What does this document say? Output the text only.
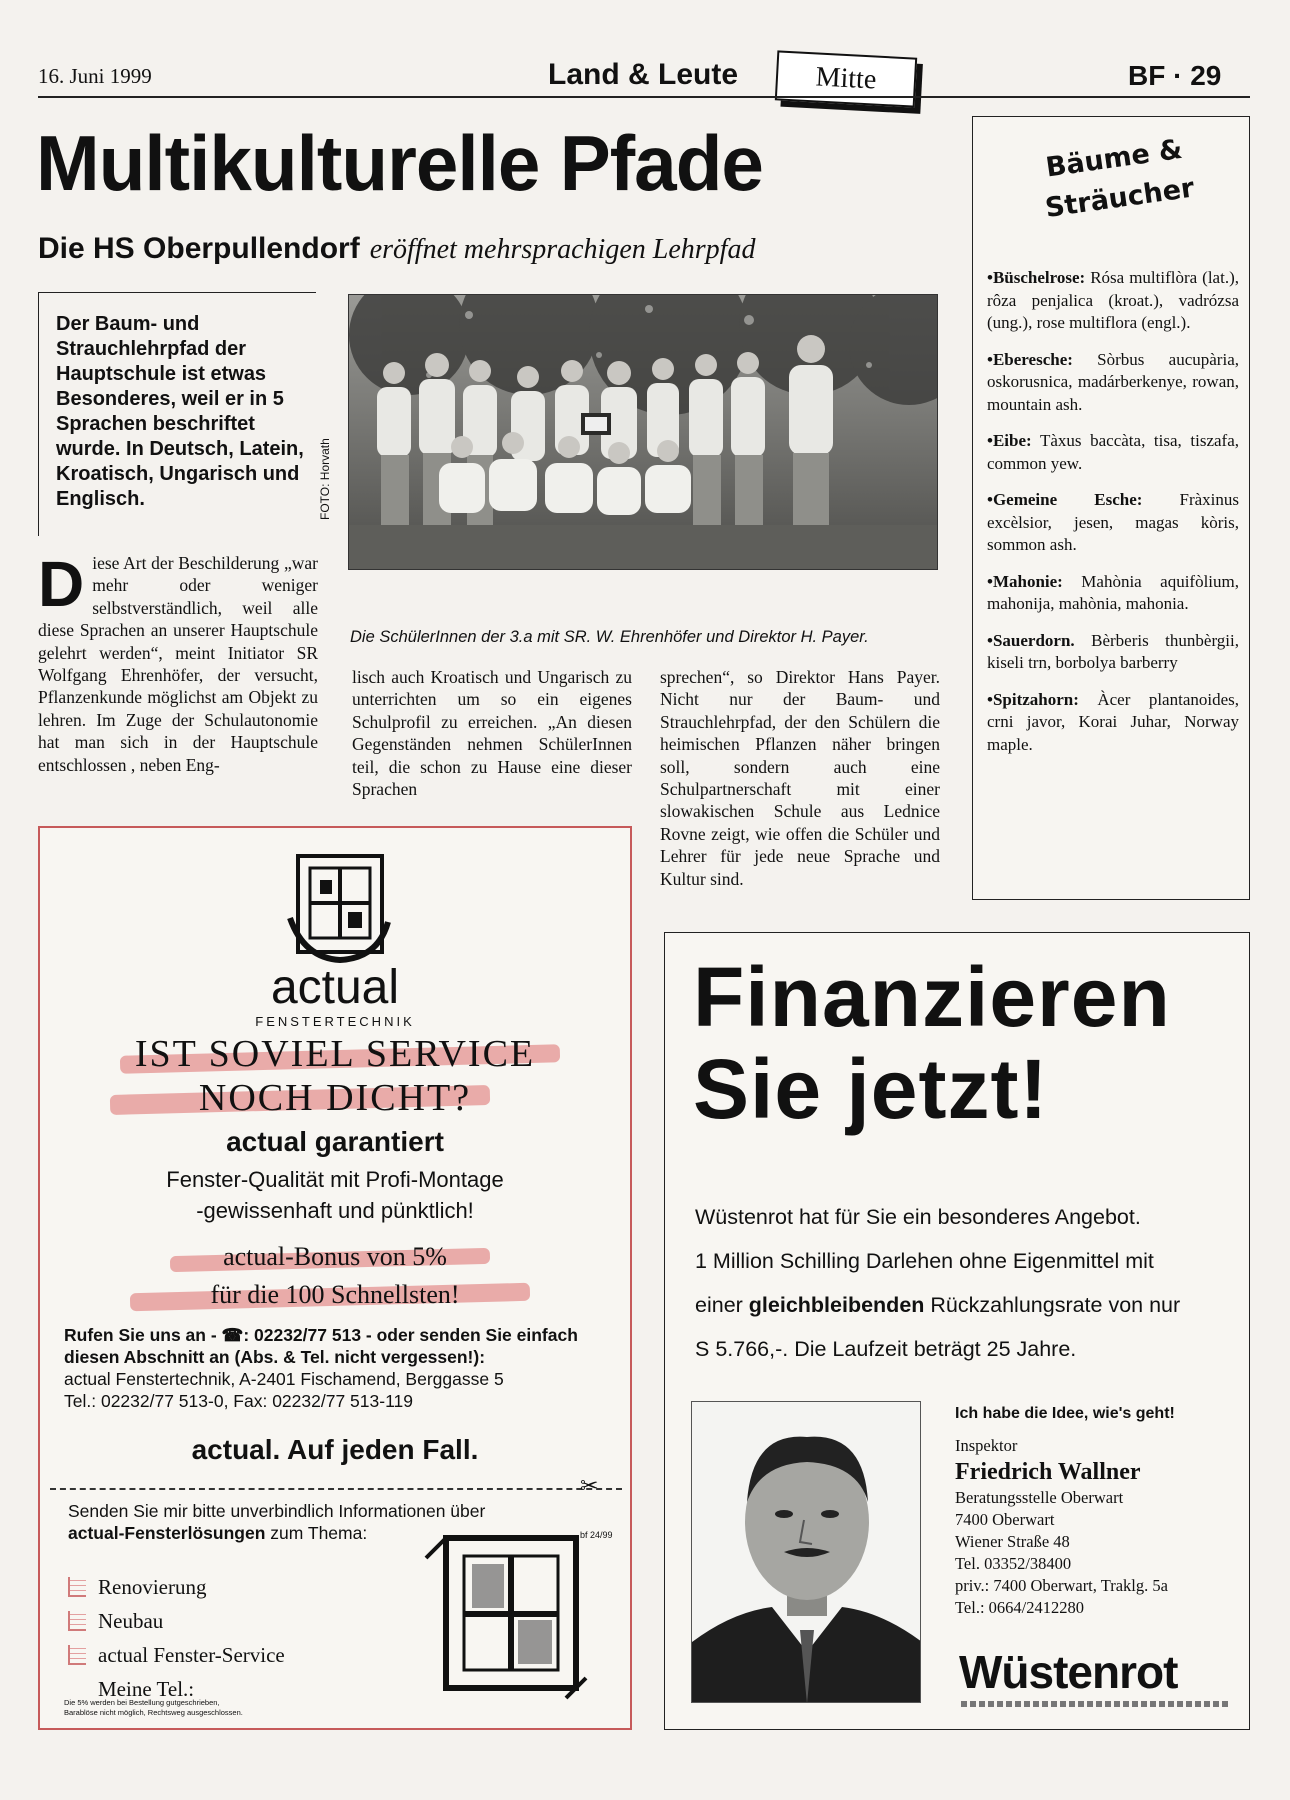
16. Juni 1999	Land & Leute	Mitte	BF · 29
Multikulturelle Pfade
Die HS Oberpullendorf eröffnet mehrsprachigen Lehrpfad

Der Baum- und Strauchlehrpfad der Hauptschule ist etwas Besonderes, weil er in 5 Sprachen beschriftet wurde. In Deutsch, Latein, Kroatisch, Ungarisch und Englisch.	FOTO: Horvath
Die SchülerInnen der 3.a mit SR. W. Ehrenhöfer und Direktor H. Payer.
Diese Art der Beschilderung „war mehr oder weniger selbstverständlich, weil alle diese Sprachen an unserer Hauptschule gelehrt werden“, meint Initiator SR Wolfgang Ehrenhöfer, der versucht, Pflanzenkunde möglichst am Objekt zu lehren. Im Zuge der Schulautonomie hat man sich in der Hauptschule entschlossen , neben Eng-
lisch auch Kroatisch und Ungarisch zu unterrichten um so ein eigenes Schulprofil zu erreichen. „An diesen Gegenständen nehmen SchülerInnen teil, die schon zu Hause eine dieser Sprachen
sprechen“, so Direktor Hans Payer. Nicht nur der Baum- und Strauchlehrpfad, der den Schülern die heimischen Pflanzen näher bringen soll, sondern auch eine Schulpartnerschaft mit einer slowakischen Schule aus Lednice Rovne zeigt, wie offen die Schüler und Lehrer für jede neue Sprache und Kultur sind.
Bäume &
Sträucher

•Büschelrose: Rósa multiflòra (lat.), rôza penjalica (kroat.), vadrózsa (ung.), rose multiflora (engl.).

•Eberesche: Sòrbus aucupària, oskorusnica, madárberkenye, rowan, mountain ash.

•Eibe: Tàxus baccàta, tisa, tiszafa, common yew.

•Gemeine Esche: Fràxinus excèlsior, jesen, magas kòris, sommon ash.

•Mahonie: Mahònia aquifòlium, mahonija, mahònia, mahonia.

•Sauerdorn. Bèrberis thunbèrgii, kiseli trn, borbolya barberry

•Spitzahorn: Àcer plantanoides, crni javor, Korai Juhar, Norway maple.

actual
FENSTERTECHNIK
IST SOVIEL SERVICE
NOCH DICHT?
actual garantiert
Fenster-Qualität mit Profi-Montage
-gewissenhaft und pünktlich!
actual-Bonus von 5%
für die 100 Schnellsten!
Rufen Sie uns an - ☎: 02232/77 513 - oder senden Sie einfach diesen Abschnitt an (Abs. & Tel. nicht vergessen!):
actual Fenstertechnik, A-2401 Fischamend, Berggasse 5
Tel.: 02232/77 513-0, Fax: 02232/77 513-119
actual. Auf jeden Fall.
✂
Senden Sie mir bitte unverbindlich Informationen über
actual-Fensterlösungen zum Thema:	bf 24/99
Renovierung
Neubau
actual Fenster-Service
Meine Tel.:
Die 5% werden bei Bestellung gutgeschrieben,
Barablöse nicht möglich, Rechtsweg ausgeschlossen.
Finanzieren
Sie jetzt!
Wüstenrot hat für Sie ein besonderes Angebot.
1 Million Schilling Darlehen ohne Eigenmittel mit
einer gleichbleibenden Rückzahlungsrate von nur
S 5.766,-. Die Laufzeit beträgt 25 Jahre.
Ich habe die Idee, wie's geht!
Inspektor
Friedrich Wallner
Beratungsstelle Oberwart
7400 Oberwart
Wiener Straße 48
Tel. 03352/38400
priv.: 7400 Oberwart, Traklg. 5a
Tel.: 0664/2412280
Wüstenrot
